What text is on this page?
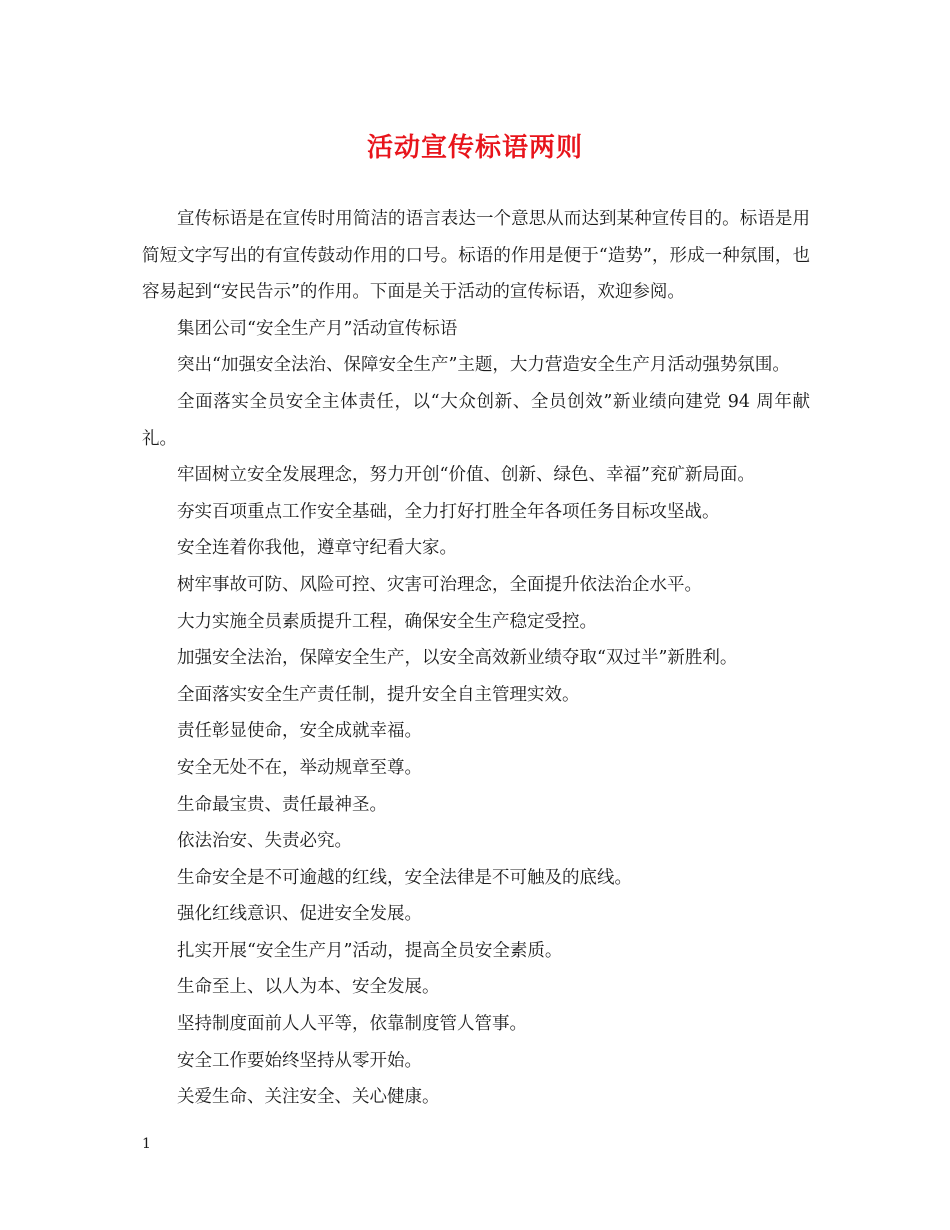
活动宣传标语两则

宣传标语是在宣传时用简洁的语言表达一个意思从而达到某种宣传目的。标语是用简短文字写出的有宣传鼓动作用的口号。标语的作用是便于“造势”，形成一种氛围，也容易起到“安民告示”的作用。下面是关于活动的宣传标语，欢迎参阅。

集团公司“安全生产月”活动宣传标语

突出“加强安全法治、保障安全生产”主题，大力营造安全生产月活动强势氛围。

全面落实全员安全主体责任，以“大众创新、全员创效”新业绩向建党 94 周年献礼。

牢固树立安全发展理念，努力开创“价值、创新、绿色、幸福”兖矿新局面。

夯实百项重点工作安全基础，全力打好打胜全年各项任务目标攻坚战。

安全连着你我他，遵章守纪看大家。

树牢事故可防、风险可控、灾害可治理念，全面提升依法治企水平。

大力实施全员素质提升工程，确保安全生产稳定受控。

加强安全法治，保障安全生产，以安全高效新业绩夺取“双过半”新胜利。

全面落实安全生产责任制，提升安全自主管理实效。

责任彰显使命，安全成就幸福。

安全无处不在，举动规章至尊。

生命最宝贵、责任最神圣。

依法治安、失责必究。

生命安全是不可逾越的红线，安全法律是不可触及的底线。

强化红线意识、促进安全发展。

扎实开展“安全生产月”活动，提高全员安全素质。

生命至上、以人为本、安全发展。

坚持制度面前人人平等，依靠制度管人管事。

安全工作要始终坚持从零开始。

关爱生命、关注安全、关心健康。

1
